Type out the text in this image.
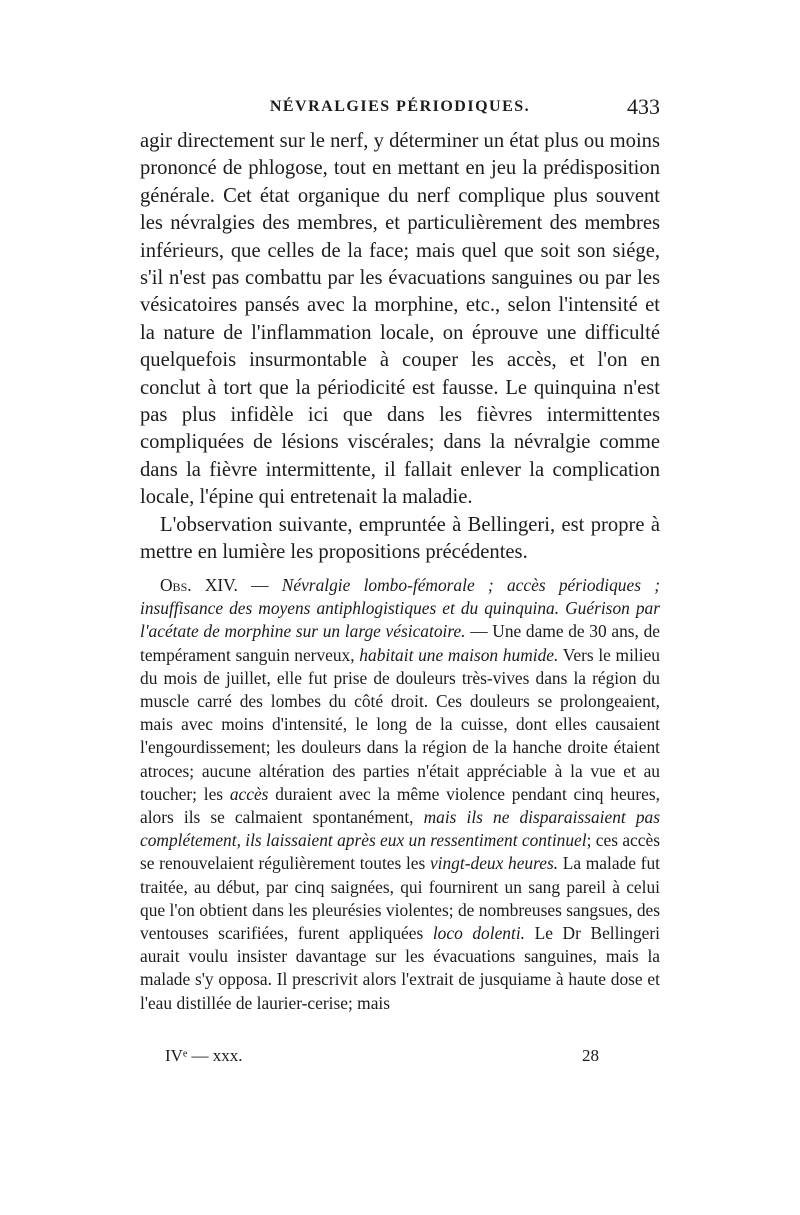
NÉVRALGIES PÉRIODIQUES.	433

agir directement sur le nerf, y déterminer un état plus ou moins prononcé de phlogose, tout en mettant en jeu la prédisposition générale. Cet état organique du nerf complique plus souvent les névralgies des membres, et particulièrement des membres inférieurs, que celles de la face; mais quel que soit son siége, s'il n'est pas combattu par les évacuations sanguines ou par les vésicatoires pansés avec la morphine, etc., selon l'intensité et la nature de l'inflammation locale, on éprouve une difficulté quelquefois insurmontable à couper les accès, et l'on en conclut à tort que la périodicité est fausse. Le quinquina n'est pas plus infidèle ici que dans les fièvres intermittentes compliquées de lésions viscérales; dans la névralgie comme dans la fièvre intermittente, il fallait enlever la complication locale, l'épine qui entretenait la maladie.

L'observation suivante, empruntée à Bellingeri, est propre à mettre en lumière les propositions précédentes.

Obs. XIV. — Névralgie lombo-fémorale ; accès périodiques ; insuffisance des moyens antiphlogistiques et du quinquina. Guérison par l'acétate de morphine sur un large vésicatoire. — Une dame de 30 ans, de tempérament sanguin nerveux, habitait une maison humide. Vers le milieu du mois de juillet, elle fut prise de douleurs très-vives dans la région du muscle carré des lombes du côté droit. Ces douleurs se prolongeaient, mais avec moins d'intensité, le long de la cuisse, dont elles causaient l'engourdissement; les douleurs dans la région de la hanche droite étaient atroces; aucune altération des parties n'était appréciable à la vue et au toucher; les accès duraient avec la même violence pendant cinq heures, alors ils se calmaient spontanément, mais ils ne disparaissaient pas complétement, ils laissaient après eux un ressentiment continuel; ces accès se renouvelaient régulièrement toutes les vingt-deux heures. La malade fut traitée, au début, par cinq saignées, qui fournirent un sang pareil à celui que l'on obtient dans les pleurésies violentes; de nombreuses sangsues, des ventouses scarifiées, furent appliquées loco dolenti. Le Dr Bellingeri aurait voulu insister davantage sur les évacuations sanguines, mais la malade s'y opposa. Il prescrivit alors l'extrait de jusquiame à haute dose et l'eau distillée de laurier-cerise; mais

IVᵉ — xxx.	28
